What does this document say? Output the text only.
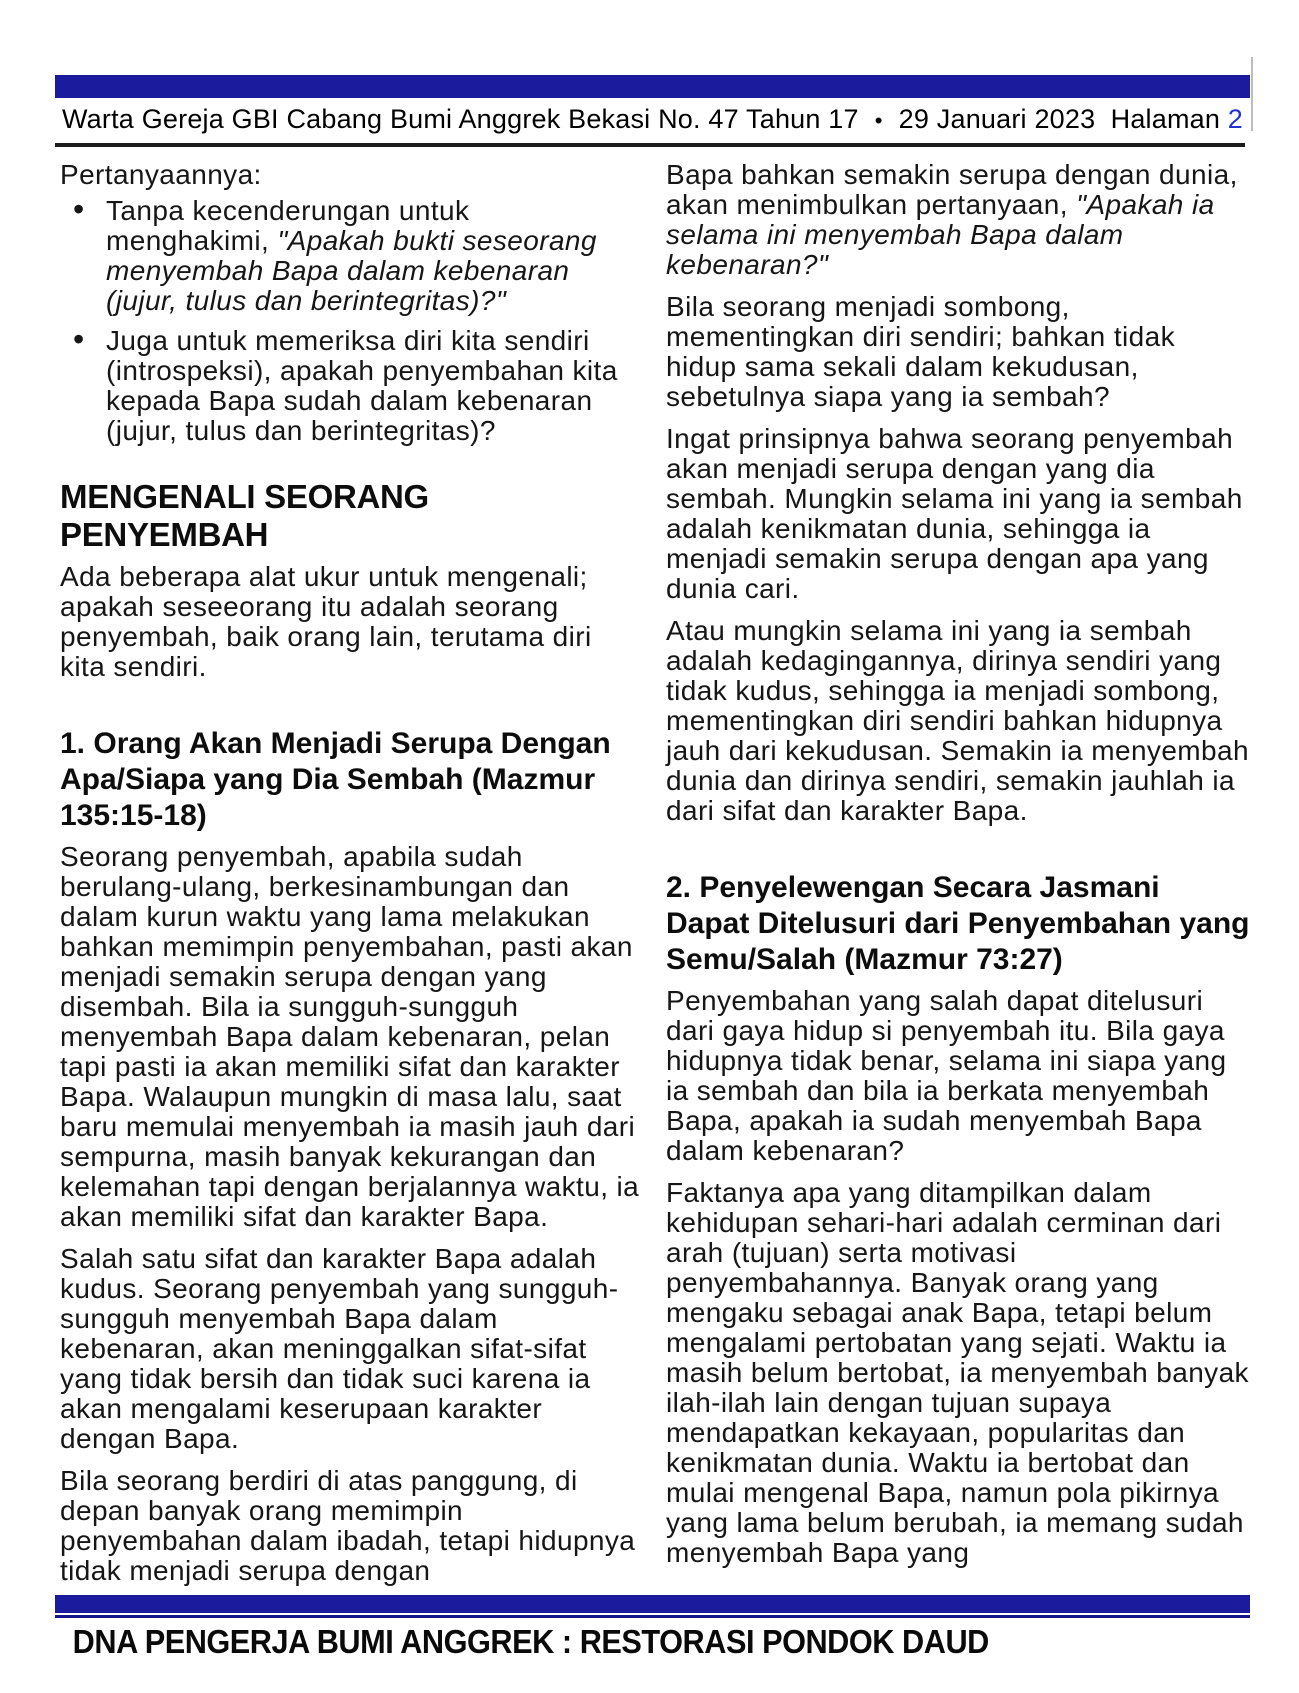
Warta Gereja GBI Cabang Bumi Anggrek Bekasi No. 47 Tahun 17 • 29 Januari 2023 Halaman 2

Pertanyaannya:

• Tanpa kecenderungan untuk menghakimi, "Apakah bukti seseorang menyembah Bapa dalam kebenaran (jujur, tulus dan berintegritas)?"
• Juga untuk memeriksa diri kita sendiri (introspeksi), apakah penyembahan kita kepada Bapa sudah dalam kebenaran (jujur, tulus dan berintegritas)?
MENGENALI SEORANG PENYEMBAH

Ada beberapa alat ukur untuk mengenali; apakah seseeorang itu adalah seorang penyembah, baik orang lain, terutama diri kita sendiri.

1. Orang Akan Menjadi Serupa Dengan Apa/Siapa yang Dia Sembah (Mazmur 135:15-18)

Seorang penyembah, apabila sudah berulang-ulang, berkesinambungan dan dalam kurun waktu yang lama melakukan bahkan memimpin penyembahan, pasti akan menjadi semakin serupa dengan yang disembah. Bila ia sungguh-sungguh menyembah Bapa dalam kebenaran, pelan tapi pasti ia akan memiliki sifat dan karakter Bapa. Walaupun mungkin di masa lalu, saat baru memulai menyembah ia masih jauh dari sempurna, masih banyak kekurangan dan kelemahan tapi dengan berjalannya waktu, ia akan memiliki sifat dan karakter Bapa.

Salah satu sifat dan karakter Bapa adalah kudus. Seorang penyembah yang sungguh-sungguh menyembah Bapa dalam kebenaran, akan meninggalkan sifat-sifat yang tidak bersih dan tidak suci karena ia akan mengalami keserupaan karakter dengan Bapa.

Bila seorang berdiri di atas panggung, di depan banyak orang memimpin penyembahan dalam ibadah, tetapi hidupnya tidak menjadi serupa dengan

Bapa bahkan semakin serupa dengan dunia, akan menimbulkan pertanyaan, "Apakah ia selama ini menyembah Bapa dalam kebenaran?"

Bila seorang menjadi sombong, mementingkan diri sendiri; bahkan tidak hidup sama sekali dalam kekudusan, sebetulnya siapa yang ia sembah?

Ingat prinsipnya bahwa seorang penyembah akan menjadi serupa dengan yang dia sembah. Mungkin selama ini yang ia sembah adalah kenikmatan dunia, sehingga ia menjadi semakin serupa dengan apa yang dunia cari.

Atau mungkin selama ini yang ia sembah adalah kedagingannya, dirinya sendiri yang tidak kudus, sehingga ia menjadi sombong, mementingkan diri sendiri bahkan hidupnya jauh dari kekudusan. Semakin ia menyembah dunia dan dirinya sendiri, semakin jauhlah ia dari sifat dan karakter Bapa.

2. Penyelewengan Secara Jasmani Dapat Ditelusuri dari Penyembahan yang Semu/Salah (Mazmur 73:27)

Penyembahan yang salah dapat ditelusuri dari gaya hidup si penyembah itu. Bila gaya hidupnya tidak benar, selama ini siapa yang ia sembah dan bila ia berkata menyembah Bapa, apakah ia sudah menyembah Bapa dalam kebenaran?

Faktanya apa yang ditampilkan dalam kehidupan sehari-hari adalah cerminan dari arah (tujuan) serta motivasi penyembahannya. Banyak orang yang mengaku sebagai anak Bapa, tetapi belum mengalami pertobatan yang sejati. Waktu ia masih belum bertobat, ia menyembah banyak ilah-ilah lain dengan tujuan supaya mendapatkan kekayaan, popularitas dan kenikmatan dunia. Waktu ia bertobat dan mulai mengenal Bapa, namun pola pikirnya yang lama belum berubah, ia memang sudah menyembah Bapa yang

DNA PENGERJA BUMI ANGGREK : RESTORASI PONDOK DAUD
